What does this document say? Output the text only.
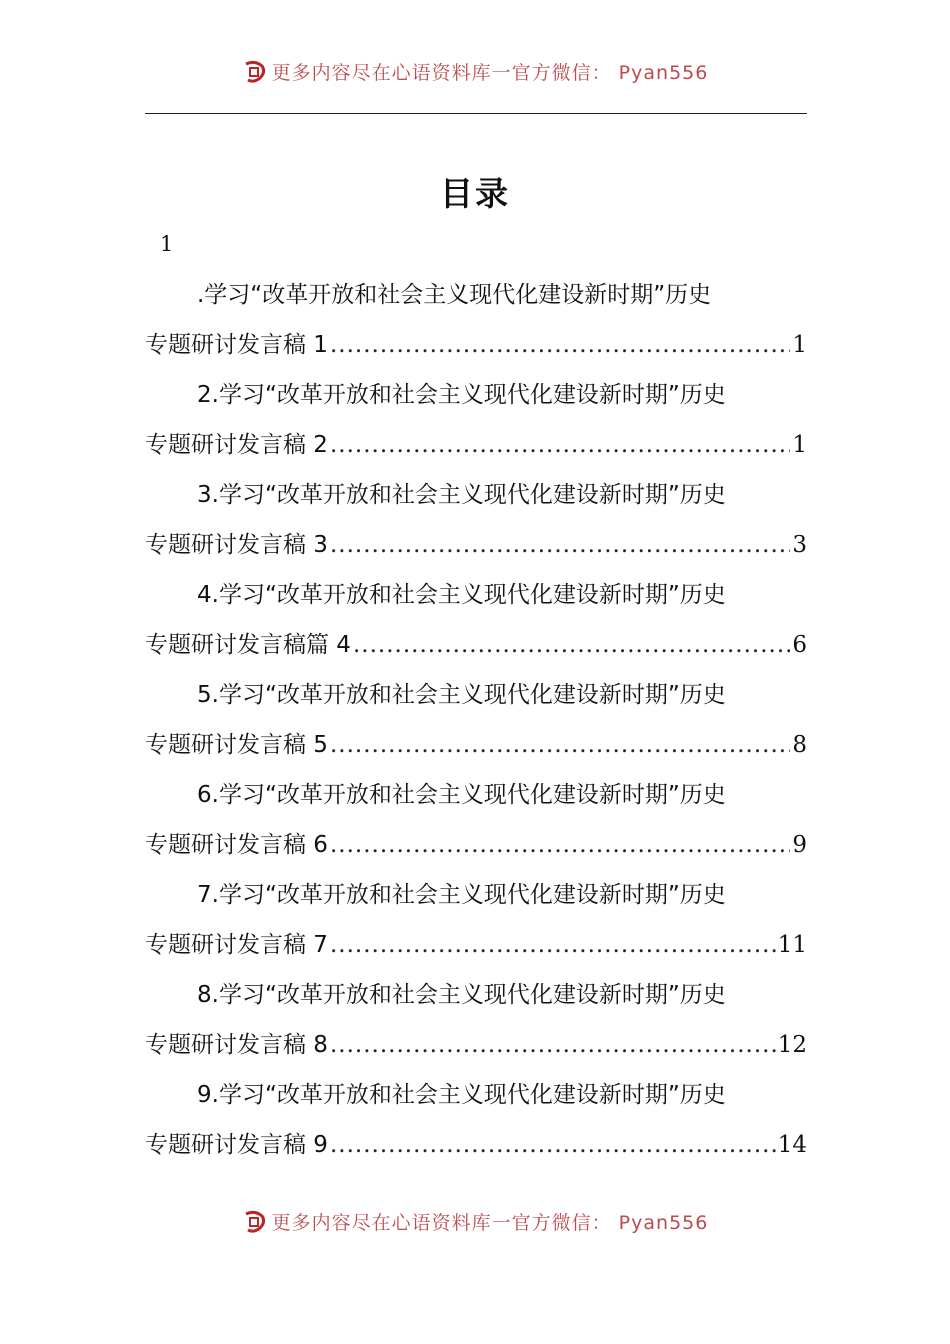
更多内容尽在心语资料库一官方微信： Pyan556
目录
1
.学习“改革开放和社会主义现代化建设新时期”历史
专题研讨发言稿 1 .....	1
2.学习“改革开放和社会主义现代化建设新时期”历史
专题研讨发言稿 2 .....	1
3.学习“改革开放和社会主义现代化建设新时期”历史
专题研讨发言稿 3 .....	3
4.学习“改革开放和社会主义现代化建设新时期”历史
专题研讨发言稿篇 4 .....	6
5.学习“改革开放和社会主义现代化建设新时期”历史
专题研讨发言稿 5 .....	8
6.学习“改革开放和社会主义现代化建设新时期”历史
专题研讨发言稿 6 .....	9
7.学习“改革开放和社会主义现代化建设新时期”历史
专题研讨发言稿 7 .....	11
8.学习“改革开放和社会主义现代化建设新时期”历史
专题研讨发言稿 8 .....	12
9.学习“改革开放和社会主义现代化建设新时期”历史
专题研讨发言稿 9 .....	14
更多内容尽在心语资料库一官方微信： Pyan556
